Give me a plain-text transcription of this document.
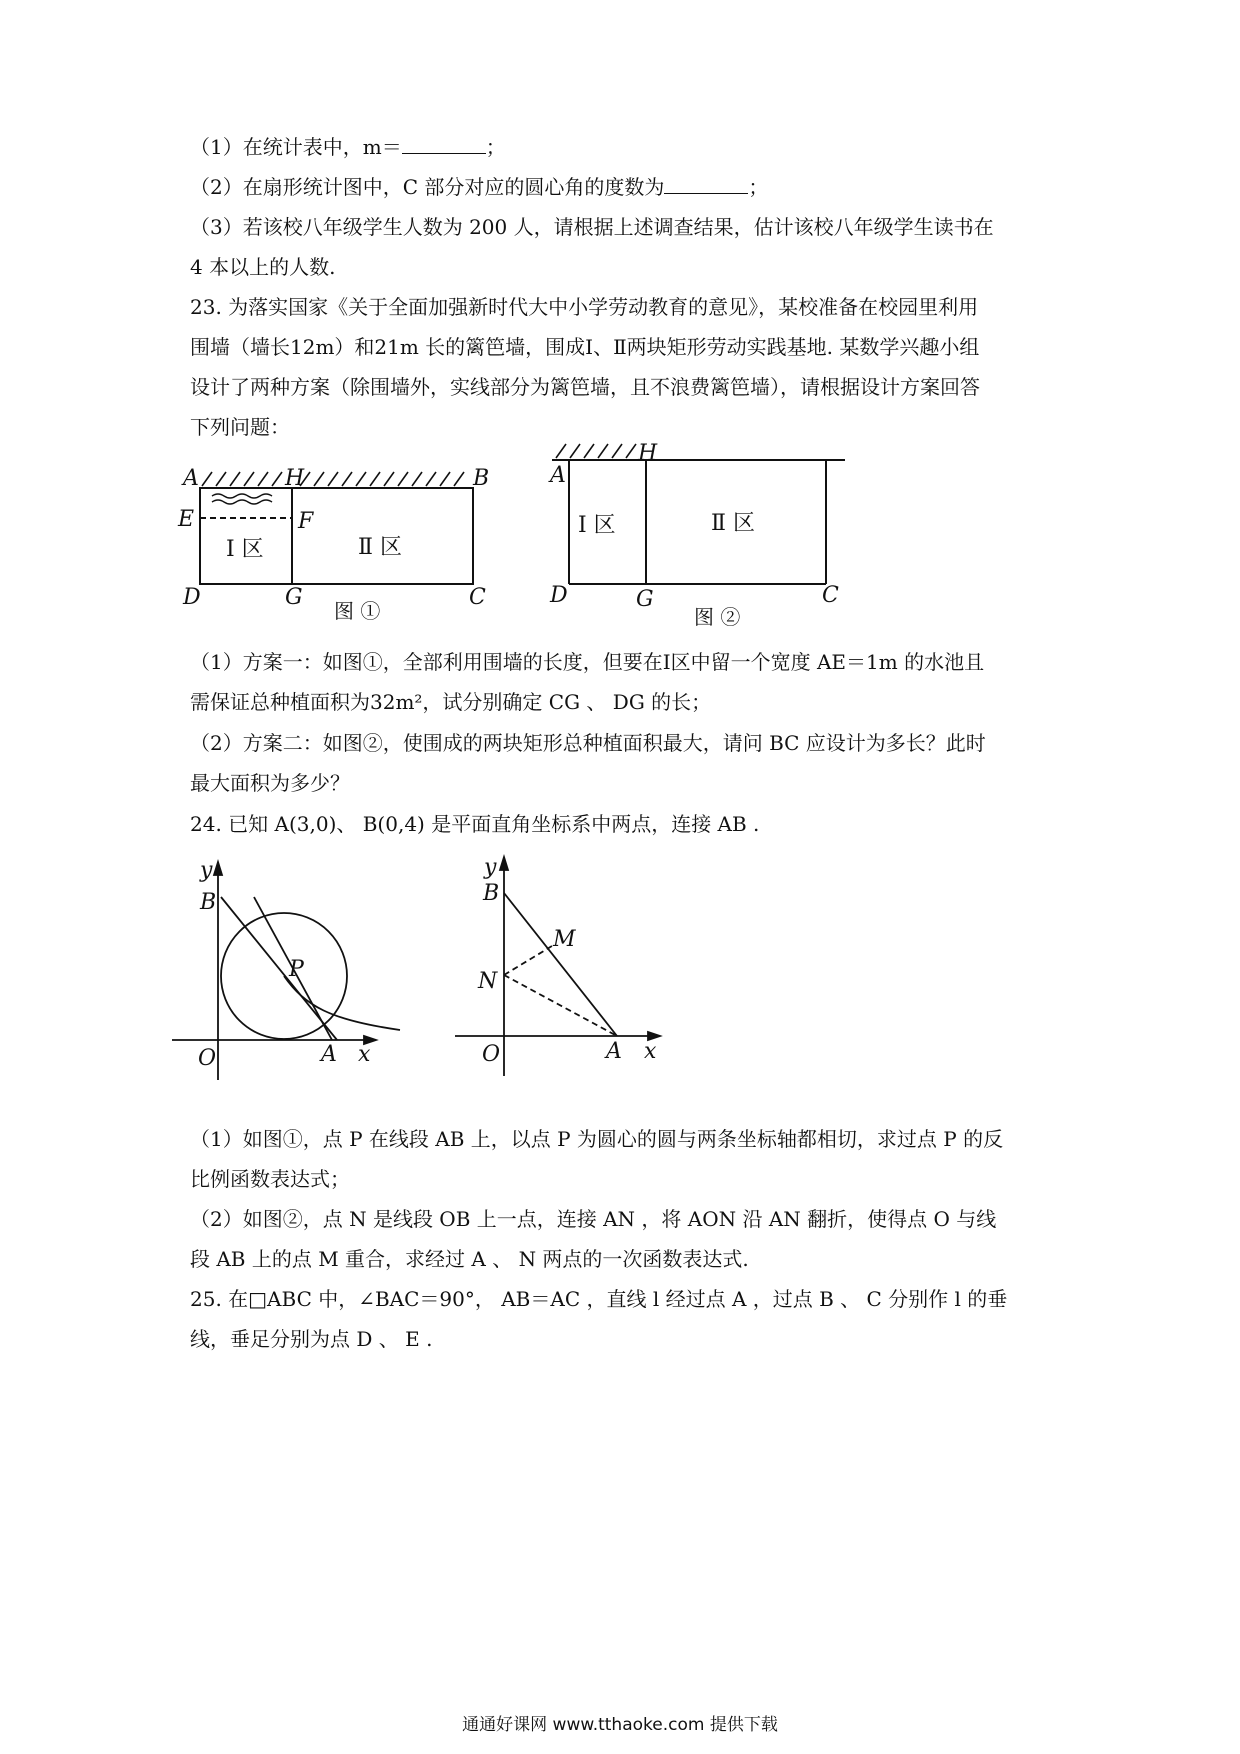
（1）在统计表中，m＝	；
（2）在扇形统计图中，C 部分对应的圆心角的度数为	；
（3）若该校八年级学生人数为 200 人，请根据上述调查结果，估计该校八年级学生读书在
4 本以上的人数.
23. 为落实国家《关于全面加强新时代大中小学劳动教育的意见》，某校准备在校园里利用
围墙（墙长12m）和21m 长的篱笆墙，围成Ⅰ、Ⅱ两块矩形劳动实践基地. 某数学兴趣小组
设计了两种方案（除围墙外，实线部分为篱笆墙，且不浪费篱笆墙），请根据设计方案回答
下列问题：
A	H	B
E	F
D	G	C
Ⅰ 区	Ⅱ 区
图 ①
A
H
D	G	C
Ⅰ 区	Ⅱ 区
图 ②
（1）方案一：如图①，全部利用围墙的长度，但要在Ⅰ区中留一个宽度 AE＝1m 的水池且
需保证总种植面积为32m²，试分别确定 CG 、 DG 的长；
（2）方案二：如图②，使围成的两块矩形总种植面积最大，请问 BC 应设计为多长？此时
最大面积为多少？
24. 已知 A(3,0)、 B(0,4) 是平面直角坐标系中两点，连接 AB .
y
B
P
O	A x
y
B
M
N
O	A x
（1）如图①，点 P 在线段 AB 上，以点 P 为圆心的圆与两条坐标轴都相切，求过点 P 的反
比例函数表达式；
（2）如图②，点 N 是线段 OB 上一点，连接 AN ，将 AON 沿 AN 翻折，使得点 O 与线
段 AB 上的点 M 重合，求经过 A 、 N 两点的一次函数表达式.
25. 在□ABC 中，∠BAC＝90°， AB＝AC ，直线 l 经过点 A ，过点 B 、 C 分别作 l 的垂
线，垂足分别为点 D 、 E .
通通好课网 www.tthaoke.com 提供下载
